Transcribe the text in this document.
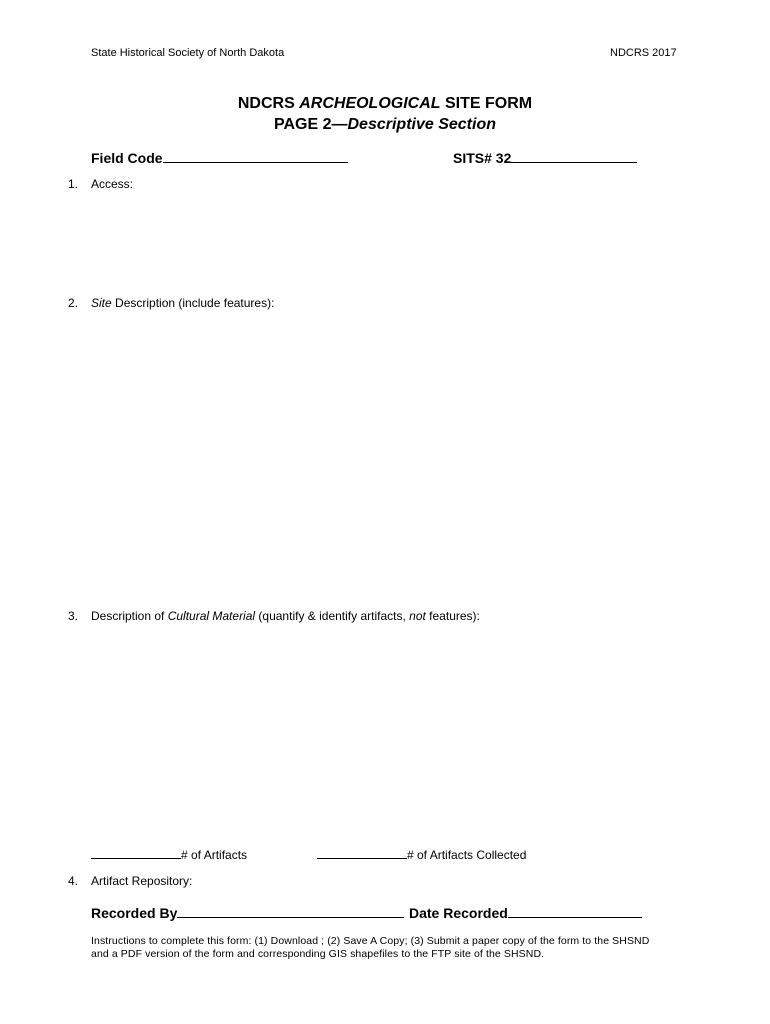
State Historical Society of North Dakota	NDCRS 2017
NDCRS ARCHEOLOGICAL SITE FORM
PAGE 2—Descriptive Section
Field Code	SITS# 32
1. Access:
2. Site Description (include features):
3. Description of Cultural Material (quantify & identify artifacts, not features):
# of Artifacts	# of Artifacts Collected
4. Artifact Repository:
Recorded By	Date Recorded
Instructions to complete this form: (1) Download ; (2) Save A Copy; (3) Submit a paper copy of the form to the SHSND and a PDF version of the form and corresponding GIS shapefiles to the FTP site of the SHSND.
